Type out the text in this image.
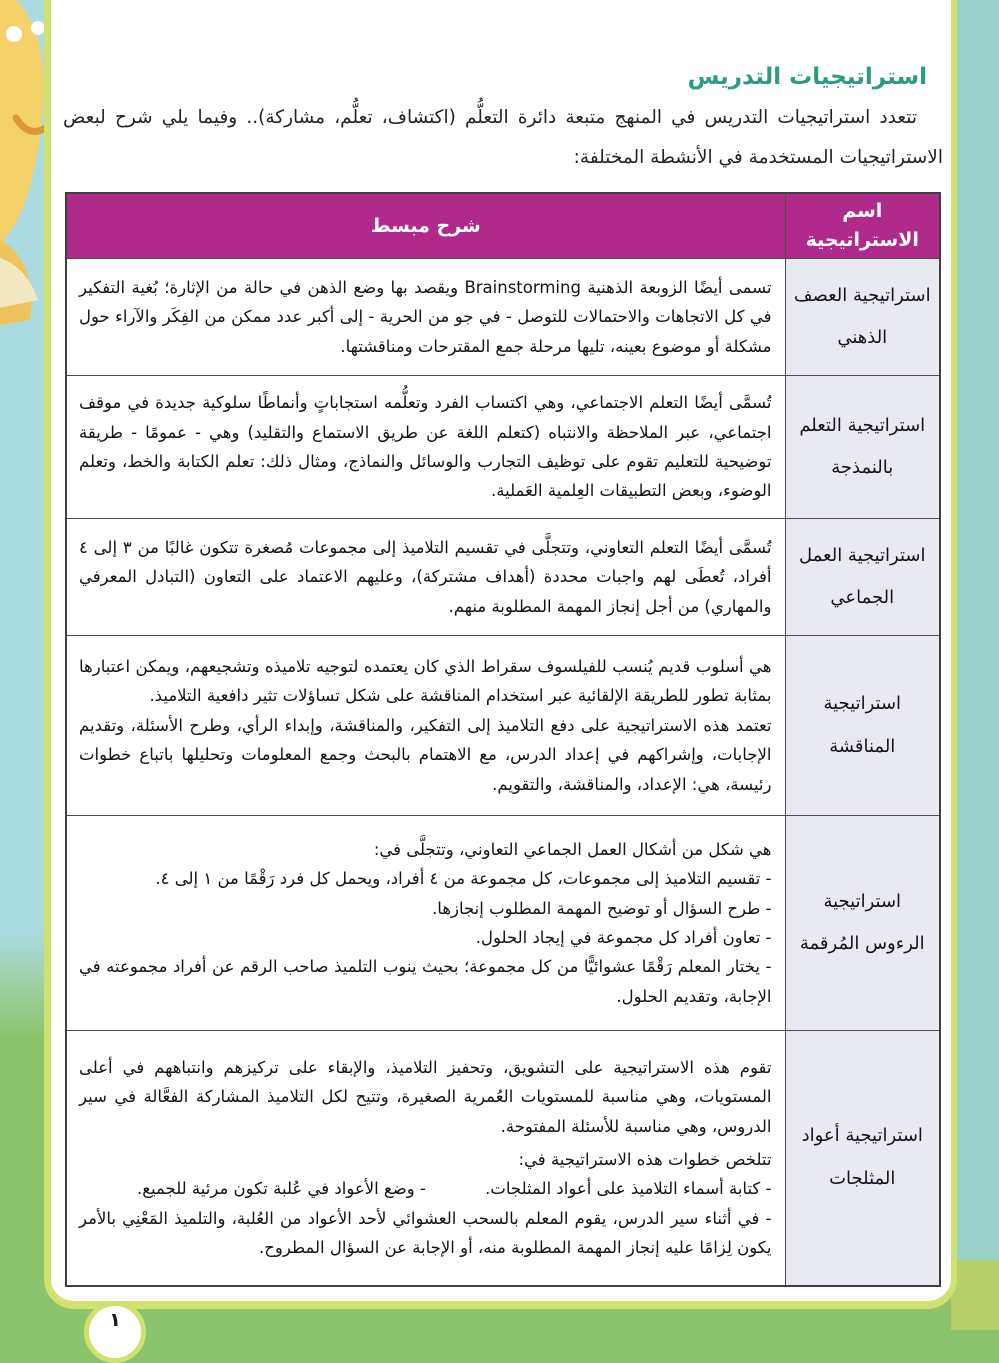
استراتيجيات التدريس

تتعدد استراتيجيات التدريس في المنهج متبعة دائرة التعلُّم (اكتشاف، تعلُّم، مشاركة).. وفيما يلي شرح لبعض الاستراتيجيات المستخدمة في الأنشطة المختلفة:

اسم الاستراتيجية	شرح مبسط
استراتيجية العصف الذهني	تسمى أيضًا الزوبعة الذهنية Brainstorming ويقصد بها وضع الذهن في حالة من الإثارة؛ بُغية التفكير في كل الاتجاهات والاحتمالات للتوصل - في جو من الحرية - إلى أكبر عدد ممكن من الفِكَر والآراء حول مشكلة أو موضوع بعينه، تليها مرحلة جمع المقترحات ومناقشتها.

استراتيجية التعلم بالنمذجة	تُسمَّى أيضًا التعلم الاجتماعي، وهي اكتساب الفرد وتعلُّمه استجاباتٍ وأنماطًا سلوكية جديدة في موقف اجتماعي، عبر الملاحظة والانتباه (كتعلم اللغة عن طريق الاستماع والتقليد) وهي - عمومًا - طريقة توضيحية للتعليم تقوم على توظيف التجارب والوسائل والنماذج، ومثال ذلك: تعلم الكتابة والخط، وتعلم الوضوء، وبعض التطبيقات العِلمية العَملية.

استراتيجية العمل الجماعي	تُسمَّى أيضًا التعلم التعاوني، وتتجلَّى في تقسيم التلاميذ إلى مجموعات مُصغرة تتكون غالبًا من ٣ إلى ٤ أفراد، تُعطَى لهم واجبات محددة (أهداف مشتركة)، وعليهم الاعتماد على التعاون (التبادل المعرفي والمهاري) من أجل إنجاز المهمة المطلوبة منهم.

استراتيجية المناقشة	هي أسلوب قديم يُنسب للفيلسوف سقراط الذي كان يعتمده لتوجيه تلاميذه وتشجيعهم، ويمكن اعتبارها بمثابة تطور للطريقة الإلقائية عبر استخدام المناقشة على شكل تساؤلات تثير دافعية التلاميذ.

تعتمد هذه الاستراتيجية على دفع التلاميذ إلى التفكير، والمناقشة، وإبداء الرأي، وطرح الأسئلة، وتقديم الإجابات، وإشراكهم في إعداد الدرس، مع الاهتمام بالبحث وجمع المعلومات وتحليلها باتباع خطوات رئيسة، هي: الإعداد، والمناقشة، والتقويم.

استراتيجية الرءوس المُرقمة	هي شكل من أشكال العمل الجماعي التعاوني، وتتجلَّى في:

- تقسيم التلاميذ إلى مجموعات، كل مجموعة من ٤ أفراد، ويحمل كل فرد رَقْمًا من ١ إلى ٤.

- طرح السؤال أو توضيح المهمة المطلوب إنجازها.

- تعاون أفراد كل مجموعة في إيجاد الحلول.

- يختار المعلم رَقْمًا عشوائيًّا من كل مجموعة؛ بحيث ينوب التلميذ صاحب الرقم عن أفراد مجموعته في الإجابة، وتقديم الحلول.

استراتيجية أعواد المثلجات	تقوم هذه الاستراتيجية على التشويق، وتحفيز التلاميذ، والإبقاء على تركيزهم وانتباههم في أعلى المستويات، وهي مناسبة للمستويات العُمرية الصغيرة، وتتيح لكل التلاميذ المشاركة الفعَّالة في سير الدروس، وهي مناسبة للأسئلة المفتوحة.

تتلخص خطوات هذه الاستراتيجية في:

- كتابة أسماء التلاميذ على أعواد المثلجات.
- وضع الأعواد في عُلبة تكون مرئية للجميع.

- في أثناء سير الدرس، يقوم المعلم بالسحب العشوائي لأحد الأعواد من العُلبة، والتلميذ المَعْنِي بالأمر يكون لِزامًا عليه إنجاز المهمة المطلوبة منه، أو الإجابة عن السؤال المطروح.

١
